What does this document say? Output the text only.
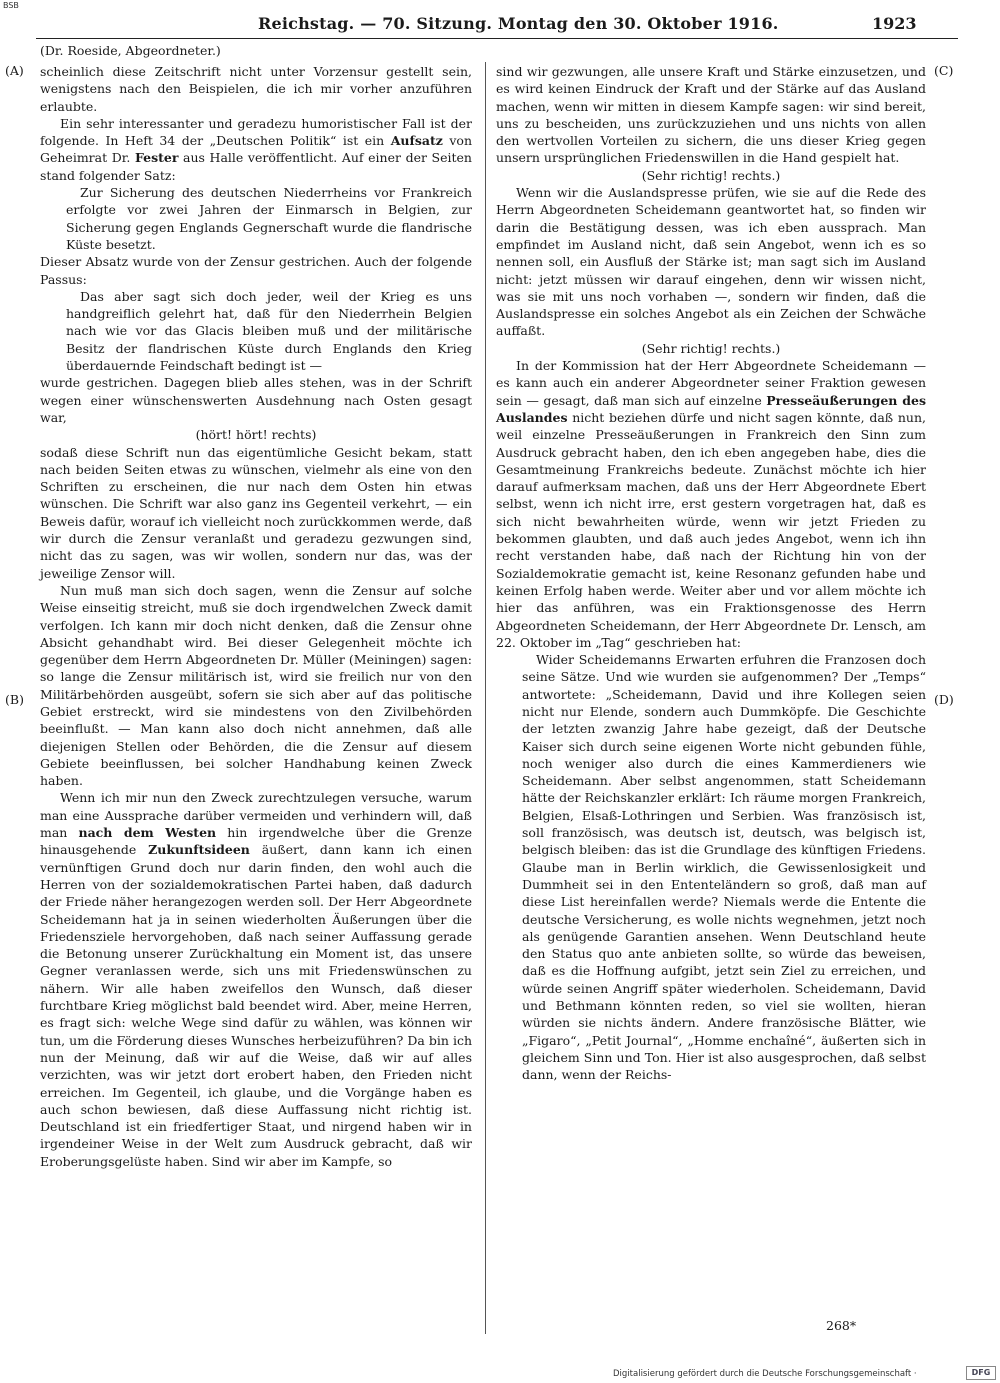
BSB
Reichstag. — 70. Sitzung. Montag den 30. Oktober 1916.	1923
(Dr. Roeside, Abgeordneter.)
(A)
(B)
(C)
(D)

scheinlich diese Zeitschrift nicht unter Vorzensur gestellt sein, wenigstens nach den Beispielen, die ich mir vorher anzuführen erlaubte.

Ein sehr interessanter und geradezu humoristischer Fall ist der folgende. In Heft 34 der „Deutschen Politik“ ist ein Aufsatz von Geheimrat Dr. Fester aus Halle veröffentlicht. Auf einer der Seiten stand folgender Satz:

Zur Sicherung des deutschen Niederrheins vor Frankreich erfolgte vor zwei Jahren der Einmarsch in Belgien, zur Sicherung gegen Englands Gegnerschaft wurde die flandrische Küste besetzt.

Dieser Absatz wurde von der Zensur gestrichen. Auch der folgende Passus:

Das aber sagt sich doch jeder, weil der Krieg es uns handgreiflich gelehrt hat, daß für den Niederrhein Belgien nach wie vor das Glacis bleiben muß und der militärische Besitz der flandrischen Küste durch Englands den Krieg überdauernde Feindschaft bedingt ist —

wurde gestrichen. Dagegen blieb alles stehen, was in der Schrift wegen einer wünschenswerten Ausdehnung nach Osten gesagt war,

(hört! hört! rechts)

sodaß diese Schrift nun das eigentümliche Gesicht bekam, statt nach beiden Seiten etwas zu wünschen, vielmehr als eine von den Schriften zu erscheinen, die nur nach dem Osten hin etwas wünschen. Die Schrift war also ganz ins Gegenteil verkehrt, — ein Beweis dafür, worauf ich vielleicht noch zurückkommen werde, daß wir durch die Zensur veranlaßt und geradezu gezwungen sind, nicht das zu sagen, was wir wollen, sondern nur das, was der jeweilige Zensor will.

Nun muß man sich doch sagen, wenn die Zensur auf solche Weise einseitig streicht, muß sie doch irgendwelchen Zweck damit verfolgen. Ich kann mir doch nicht denken, daß die Zensur ohne Absicht gehandhabt wird. Bei dieser Gelegenheit möchte ich gegenüber dem Herrn Abgeordneten Dr. Müller (Meiningen) sagen: so lange die Zensur militärisch ist, wird sie freilich nur von den Militärbehörden ausgeübt, sofern sie sich aber auf das politische Gebiet erstreckt, wird sie mindestens von den Zivilbehörden beeinflußt. — Man kann also doch nicht annehmen, daß alle diejenigen Stellen oder Behörden, die die Zensur auf diesem Gebiete beeinflussen, bei solcher Handhabung keinen Zweck haben.

Wenn ich mir nun den Zweck zurechtzulegen versuche, warum man eine Aussprache darüber vermeiden und verhindern will, daß man nach dem Westen hin irgendwelche über die Grenze hinausgehende Zukunftsideen äußert, dann kann ich einen vernünftigen Grund doch nur darin finden, den wohl auch die Herren von der sozialdemokratischen Partei haben, daß dadurch der Friede näher herangezogen werden soll. Der Herr Abgeordnete Scheidemann hat ja in seinen wiederholten Äußerungen über die Friedensziele hervorgehoben, daß nach seiner Auffassung gerade die Betonung unserer Zurückhaltung ein Moment ist, das unsere Gegner veranlassen werde, sich uns mit Friedenswünschen zu nähern. Wir alle haben zweifellos den Wunsch, daß dieser furchtbare Krieg möglichst bald beendet wird. Aber, meine Herren, es fragt sich: welche Wege sind dafür zu wählen, was können wir tun, um die Förderung dieses Wunsches herbeizuführen? Da bin ich nun der Meinung, daß wir auf die Weise, daß wir auf alles verzichten, was wir jetzt dort erobert haben, den Frieden nicht erreichen. Im Gegenteil, ich glaube, und die Vorgänge haben es auch schon bewiesen, daß diese Auffassung nicht richtig ist. Deutschland ist ein friedfertiger Staat, und nirgend haben wir in irgendeiner Weise in der Welt zum Ausdruck gebracht, daß wir Eroberungsgelüste haben. Sind wir aber im Kampfe, so

sind wir gezwungen, alle unsere Kraft und Stärke einzusetzen, und es wird keinen Eindruck der Kraft und der Stärke auf das Ausland machen, wenn wir mitten in diesem Kampfe sagen: wir sind bereit, uns zu bescheiden, uns zurückzuziehen und uns nichts von allen den wertvollen Vorteilen zu sichern, die uns dieser Krieg gegen unsern ursprünglichen Friedenswillen in die Hand gespielt hat.

(Sehr richtig! rechts.)

Wenn wir die Auslandspresse prüfen, wie sie auf die Rede des Herrn Abgeordneten Scheidemann geantwortet hat, so finden wir darin die Bestätigung dessen, was ich eben aussprach. Man empfindet im Ausland nicht, daß sein Angebot, wenn ich es so nennen soll, ein Ausfluß der Stärke ist; man sagt sich im Ausland nicht: jetzt müssen wir darauf eingehen, denn wir wissen nicht, was sie mit uns noch vorhaben —, sondern wir finden, daß die Auslandspresse ein solches Angebot als ein Zeichen der Schwäche auffaßt.

(Sehr richtig! rechts.)

In der Kommission hat der Herr Abgeordnete Scheidemann — es kann auch ein anderer Abgeordneter seiner Fraktion gewesen sein — gesagt, daß man sich auf einzelne Presseäußerungen des Auslandes nicht beziehen dürfe und nicht sagen könnte, daß nun, weil einzelne Presseäußerungen in Frankreich den Sinn zum Ausdruck gebracht haben, den ich eben angegeben habe, dies die Gesamtmeinung Frankreichs bedeute. Zunächst möchte ich hier darauf aufmerksam machen, daß uns der Herr Abgeordnete Ebert selbst, wenn ich nicht irre, erst gestern vorgetragen hat, daß es sich nicht bewahrheiten würde, wenn wir jetzt Frieden zu bekommen glaubten, und daß auch jedes Angebot, wenn ich ihn recht verstanden habe, daß nach der Richtung hin von der Sozialdemokratie gemacht ist, keine Resonanz gefunden habe und keinen Erfolg haben werde. Weiter aber und vor allem möchte ich hier das anführen, was ein Fraktionsgenosse des Herrn Abgeordneten Scheidemann, der Herr Abgeordnete Dr. Lensch, am 22. Oktober im „Tag“ geschrieben hat:

Wider Scheidemanns Erwarten erfuhren die Franzosen doch seine Sätze. Und wie wurden sie aufgenommen? Der „Temps“ antwortete: „Scheidemann, David und ihre Kollegen seien nicht nur Elende, sondern auch Dummköpfe. Die Geschichte der letzten zwanzig Jahre habe gezeigt, daß der Deutsche Kaiser sich durch seine eigenen Worte nicht gebunden fühle, noch weniger also durch die eines Kammerdieners wie Scheidemann. Aber selbst angenommen, statt Scheidemann hätte der Reichskanzler erklärt: Ich räume morgen Frankreich, Belgien, Elsaß-Lothringen und Serbien. Was französisch ist, soll französisch, was deutsch ist, deutsch, was belgisch ist, belgisch bleiben: das ist die Grundlage des künftigen Friedens. Glaube man in Berlin wirklich, die Gewissenlosigkeit und Dummheit sei in den Ententeländern so groß, daß man auf diese List hereinfallen werde? Niemals werde die Entente die deutsche Versicherung, es wolle nichts wegnehmen, jetzt noch als genügende Garantien ansehen. Wenn Deutschland heute den Status quo ante anbieten sollte, so würde das beweisen, daß es die Hoffnung aufgibt, jetzt sein Ziel zu erreichen, und würde seinen Angriff später wiederholen. Scheidemann, David und Bethmann könnten reden, so viel sie wollten, hieran würden sie nichts ändern. Andere französische Blätter, wie „Figaro“, „Petit Journal“, „Homme enchaîné“, äußerten sich in gleichem Sinn und Ton. Hier ist also ausgesprochen, daß selbst dann, wenn der Reichs-

268*
Digitalisierung gefördert durch die Deutsche Forschungsgemeinschaft ·	DFG
